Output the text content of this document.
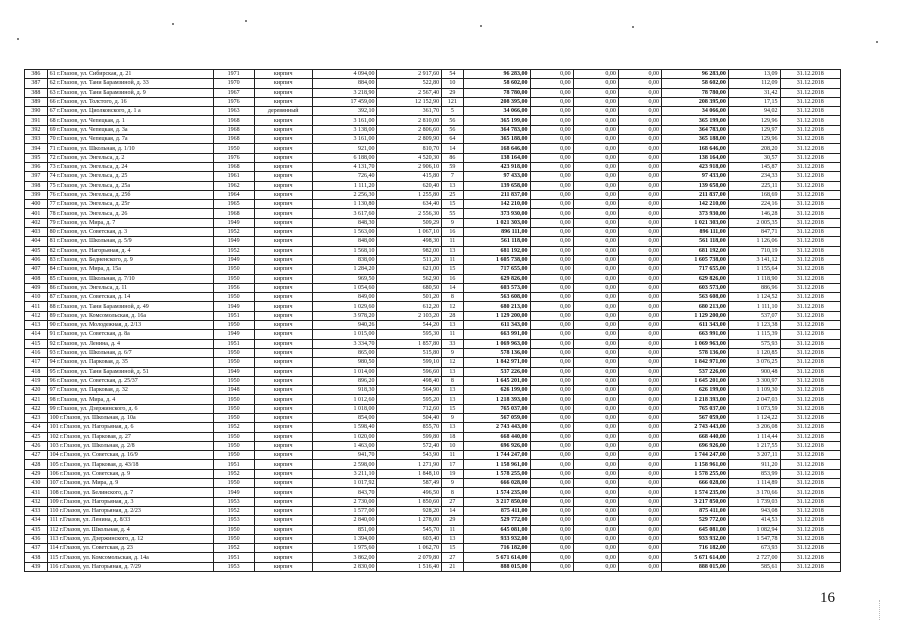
386	61 г.Глазов, ул. Сибирская, д. 21	1971	кирпич	4 094,00	2 917,60	54	96 283,00	0,00	0,00	0,00	96 283,00	13,09	31.12.2018
387	62 г.Глазов, ул. Тани Барамзиной, д. 33	1970	кирпич	884,00	522,80	10	58 602,00	0,00	0,00	0,00	58 602,00	112,09	31.12.2018
388	63 г.Глазов, ул. Тани Барамзиной, д. 9	1967	кирпич	3 218,90	2 567,40	29	78 780,00	0,00	0,00	0,00	78 780,00	31,42	31.12.2018
389	66 г.Глазов, ул. Толстого, д. 16	1976	кирпич	17 459,00	12 152,90	121	208 395,00	0,00	0,00	0,00	208 395,00	17,15	31.12.2018
390	67 г.Глазов, ул. Циолковского, д. 1 а	1963	деревянный	392,10	361,70	5	34 066,00	0,00	0,00	0,00	34 066,00	94,02	31.12.2018
391	68 г.Глазов, ул. Чепецкая, д. 1	1968	кирпич	3 161,00	2 810,00	56	365 199,00	0,00	0,00	0,00	365 199,00	129,96	31.12.2018
392	69 г.Глазов, ул. Чепецкая, д. 3а	1968	кирпич	3 138,00	2 806,60	56	364 783,00	0,00	0,00	0,00	364 783,00	129,97	31.12.2018
393	70 г.Глазов, ул. Чепецкая, д. 7а	1968	кирпич	3 161,00	2 809,90	64	365 188,00	0,00	0,00	0,00	365 188,00	129,96	31.12.2018
394	71 г.Глазов, ул. Школьная, д. 1/10	1950	кирпич	921,00	810,70	14	168 646,00	0,00	0,00	0,00	168 646,00	208,20	31.12.2018
395	72 г.Глазов, ул. Энгельса, д. 2	1976	кирпич	6 188,00	4 520,30	86	138 164,00	0,00	0,00	0,00	138 164,00	30,57	31.12.2018
396	73 г.Глазов, ул. Энгельса, д. 24	1968	кирпич	4 131,70	2 906,10	59	423 918,00	0,00	0,00	0,00	423 918,00	145,87	31.12.2018
397	74 г.Глазов, ул. Энгельса, д. 25	1961	кирпич	726,40	415,80	7	97 433,00	0,00	0,00	0,00	97 433,00	234,33	31.12.2018
398	75 г.Глазов, ул. Энгельса, д. 25а	1962	кирпич	1 111,20	620,40	13	139 658,00	0,00	0,00	0,00	139 658,00	225,11	31.12.2018
399	76 г.Глазов, ул. Энгельса, д. 25б	1964	кирпич	2 256,30	1 255,80	25	211 837,00	0,00	0,00	0,00	211 837,00	168,69	31.12.2018
400	77 г.Глазов, ул. Энгельса, д. 25г	1965	кирпич	1 130,80	634,40	15	142 210,00	0,00	0,00	0,00	142 210,00	224,16	31.12.2018
401	78 г.Глазов, ул. Энгельса, д. 26	1968	кирпич	3 617,60	2 556,30	55	373 930,00	0,00	0,00	0,00	373 930,00	146,28	31.12.2018
402	79 г.Глазов, ул. Мира, д. 7	1949	кирпич	848,30	509,29	9	1 021 303,00	0,00	0,00	0,00	1 021 303,00	2 005,35	31.12.2018
403	80 г.Глазов, ул. Советская, д. 3	1952	кирпич	1 563,00	1 067,10	16	896 111,00	0,00	0,00	0,00	896 111,00	847,71	31.12.2018
404	81 г.Глазов, ул. Школьная, д. 5/9	1949	кирпич	848,00	498,30	11	561 118,00	0,00	0,00	0,00	561 118,00	1 126,06	31.12.2018
405	82 г.Глазов, ул. Нагорьяная, д. 4	1952	кирпич	1 568,10	982,00	13	681 192,00	0,00	0,00	0,00	681 192,00	710,19	31.12.2018
406	83 г.Глазов, ул. Бедненского, д. 9	1949	кирпич	838,00	511,20	11	1 605 738,00	0,00	0,00	0,00	1 605 738,00	3 141,12	31.12.2018
407	84 г.Глазов, ул. Мира, д. 15а	1950	кирпич	1 284,20	621,00	15	717 655,00	0,00	0,00	0,00	717 655,00	1 155,64	31.12.2018
408	85 г.Глазов, ул. Школьная, д. 7/10	1950	кирпич	969,50	562,90	16	629 826,00	0,00	0,00	0,00	629 826,00	1 118,90	31.12.2018
409	86 г.Глазов, ул. Энгельса, д. 11	1956	кирпич	1 054,60	680,50	14	603 573,00	0,00	0,00	0,00	603 573,00	886,96	31.12.2018
410	87 г.Глазов, ул. Советская, д. 14	1950	кирпич	849,00	501,20	8	563 608,00	0,00	0,00	0,00	563 608,00	1 124,52	31.12.2018
411	88 г.Глазов, ул. Тани Барамзиной, д. 49	1949	кирпич	1 029,60	612,20	12	680 213,00	0,00	0,00	0,00	680 213,00	1 111,10	31.12.2018
412	89 г.Глазов, ул. Комсомольская, д. 16а	1951	кирпич	3 978,20	2 103,20	28	1 129 200,00	0,00	0,00	0,00	1 129 200,00	537,07	31.12.2018
413	90 г.Глазов, ул. Молодежная, д. 2/13	1950	кирпич	940,26	544,20	13	611 343,00	0,00	0,00	0,00	611 343,00	1 123,38	31.12.2018
414	91 г.Глазов, ул. Советская, д. 8а	1949	кирпич	1 015,00	595,30	11	663 991,00	0,00	0,00	0,00	663 991,00	1 115,39	31.12.2018
415	92 г.Глазов, ул. Ленина, д. 4	1951	кирпич	3 334,70	1 857,80	33	1 069 963,00	0,00	0,00	0,00	1 069 963,00	575,93	31.12.2018
416	93 г.Глазов, ул. Школьная, д. 6/7	1950	кирпич	865,00	515,80	9	578 136,00	0,00	0,00	0,00	578 136,00	1 120,85	31.12.2018
417	94 г.Глазов, ул. Парковая, д. 35	1950	кирпич	980,50	599,10	12	1 842 971,00	0,00	0,00	0,00	1 842 971,00	3 076,25	31.12.2018
418	95 г.Глазов, ул. Тани Барамзиной, д. 51	1949	кирпич	1 014,00	596,60	13	537 226,00	0,00	0,00	0,00	537 226,00	900,48	31.12.2018
419	96 г.Глазов, ул. Советская, д. 25/37	1950	кирпич	896,20	498,40	8	1 645 201,00	0,00	0,00	0,00	1 645 201,00	3 300,97	31.12.2018
420	97 г.Глазов, ул. Парковая, д. 32	1948	кирпич	918,30	564,90	13	626 199,00	0,00	0,00	0,00	626 199,00	1 109,30	31.12.2018
421	98 г.Глазов, ул. Мира, д. 4	1950	кирпич	1 012,60	595,20	13	1 218 393,00	0,00	0,00	0,00	1 218 393,00	2 047,03	31.12.2018
422	99 г.Глазов, ул. Дзержинского, д. 6	1950	кирпич	1 018,00	712,60	15	765 037,00	0,00	0,00	0,00	765 037,00	1 073,59	31.12.2018
423	100 г.Глазов, ул. Школьная, д. 10а	1950	кирпич	854,00	504,40	9	567 059,00	0,00	0,00	0,00	567 059,00	1 124,22	31.12.2018
424	101 г.Глазов, ул. Нагорьяная, д. 6	1952	кирпич	1 598,40	855,70	13	2 743 443,00	0,00	0,00	0,00	2 743 443,00	3 206,08	31.12.2018
425	102 г.Глазов, ул. Парковая, д. 27	1950	кирпич	1 020,00	599,80	18	668 440,00	0,00	0,00	0,00	668 440,00	1 114,44	31.12.2018
426	103 г.Глазов, ул. Школьная, д. 2/8	1950	кирпич	1 463,00	572,40	10	696 926,00	0,00	0,00	0,00	696 926,00	1 217,55	31.12.2018
427	104 г.Глазов, ул. Советская, д. 16/9	1950	кирпич	941,70	543,90	11	1 744 247,00	0,00	0,00	0,00	1 744 247,00	3 207,11	31.12.2018
428	105 г.Глазов, ул. Парковая, д. 43/18	1951	кирпич	2 598,00	1 271,90	17	1 158 961,00	0,00	0,00	0,00	1 158 961,00	911,20	31.12.2018
429	106 г.Глазов, ул. Советская, д. 9	1952	кирпич	3 211,10	1 848,10	19	1 578 255,00	0,00	0,00	0,00	1 578 255,00	853,99	31.12.2018
430	107 г.Глазов, ул. Мира, д. 9	1950	кирпич	1 017,92	587,49	9	666 028,00	0,00	0,00	0,00	666 028,00	1 114,89	31.12.2018
431	108 г.Глазов, ул. Белинского, д. 7	1949	кирпич	843,70	496,50	8	1 574 235,00	0,00	0,00	0,00	1 574 235,00	3 170,66	31.12.2018
432	109 г.Глазов, ул. Нагорьяная, д. 3	1953	кирпич	2 730,00	1 850,60	27	3 217 850,00	0,00	0,00	0,00	3 217 850,00	1 739,03	31.12.2018
433	110 г.Глазов, ул. Нагорьяная, д. 2/23	1952	кирпич	1 577,00	928,20	14	875 411,00	0,00	0,00	0,00	875 411,00	943,08	31.12.2018
434	111 г.Глазов, ул. Ленина, д. 8/33	1953	кирпич	2 840,00	1 278,00	29	529 772,00	0,00	0,00	0,00	529 772,00	414,53	31.12.2018
435	112 г.Глазов, ул. Школьная, д. 4	1950	кирпич	851,00	545,70	11	645 081,00	0,00	0,00	0,00	645 081,00	1 082,94	31.12.2018
436	113 г.Глазов, ул. Дзержинского, д. 12	1950	кирпич	1 394,00	603,40	13	933 932,00	0,00	0,00	0,00	933 932,00	1 547,78	31.12.2018
437	114 г.Глазов, ул. Советская, д. 23	1952	кирпич	1 975,60	1 062,70	15	716 182,00	0,00	0,00	0,00	716 182,00	673,93	31.12.2018
438	115 г.Глазов, ул. Комсомольская, д. 14а	1951	кирпич	3 862,00	2 079,80	27	5 671 614,00	0,00	0,00	0,00	5 671 614,00	2 727,00	31.12.2018
439	116 г.Глазов, ул. Нагорьяная, д. 7/29	1953	кирпич	2 830,00	1 516,40	21	888 015,00	0,00	0,00	0,00	888 015,00	585,61	31.12.2018
16
